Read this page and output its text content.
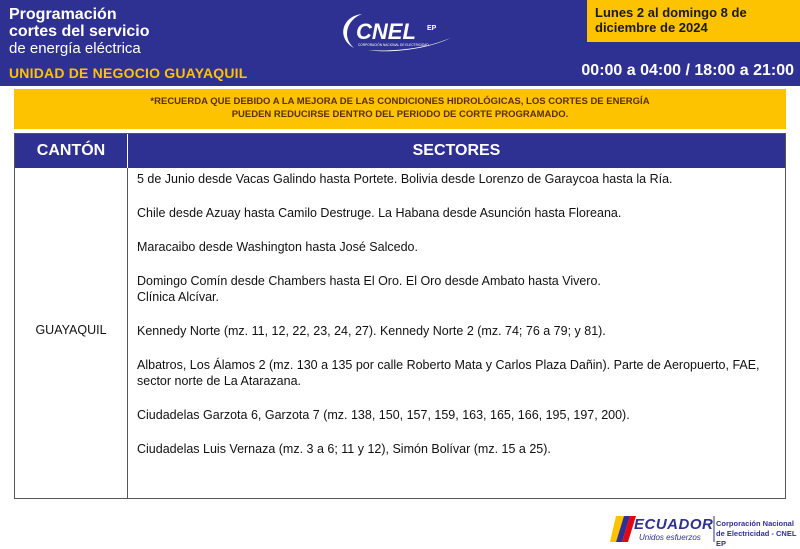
Programación
cortes del servicio
de energía eléctrica
UNIDAD DE NEGOCIO GUAYAQUIL
CNEL EP
CORPORACIÓN NACIONAL DE ELECTRICIDAD
Lunes 2 al domingo 8 de diciembre de 2024
00:00 a 04:00 / 18:00 a 21:00
*RECUERDA QUE DEBIDO A LA MEJORA DE LAS CONDICIONES HIDROLÓGICAS, LOS CORTES DE ENERGÍA
PUEDEN REDUCIRSE DENTRO DEL PERIODO DE CORTE PROGRAMADO.
CANTÓN	SECTORES
GUAYAQUIL

5 de Junio desde Vacas Galindo hasta Portete. Bolivia desde Lorenzo de Garaycoa hasta la Ría.

Chile desde Azuay hasta Camilo Destruge. La Habana desde Asunción hasta Floreana.

Maracaibo desde Washington hasta José Salcedo.

Domingo Comín desde Chambers hasta El Oro. El Oro desde Ambato hasta Vivero.

Clínica Alcívar.

Kennedy Norte (mz. 11, 12, 22, 23, 24, 27). Kennedy Norte 2 (mz. 74; 76 a 79; y 81).

Albatros, Los Álamos 2 (mz. 130 a 135 por calle Roberto Mata y Carlos Plaza Dañin). Parte de Aeropuerto, FAE, sector norte de La Atarazana.

Ciudadelas Garzota 6, Garzota 7 (mz. 138, 150, 157, 159, 163, 165, 166, 195, 197, 200).

Ciudadelas Luis Vernaza (mz. 3 a 6; 11 y 12), Simón Bolívar (mz. 15 a 25).

ECUADOR
Unidos esfuerzos
Corporación Nacional
de Electricidad - CNEL EP
